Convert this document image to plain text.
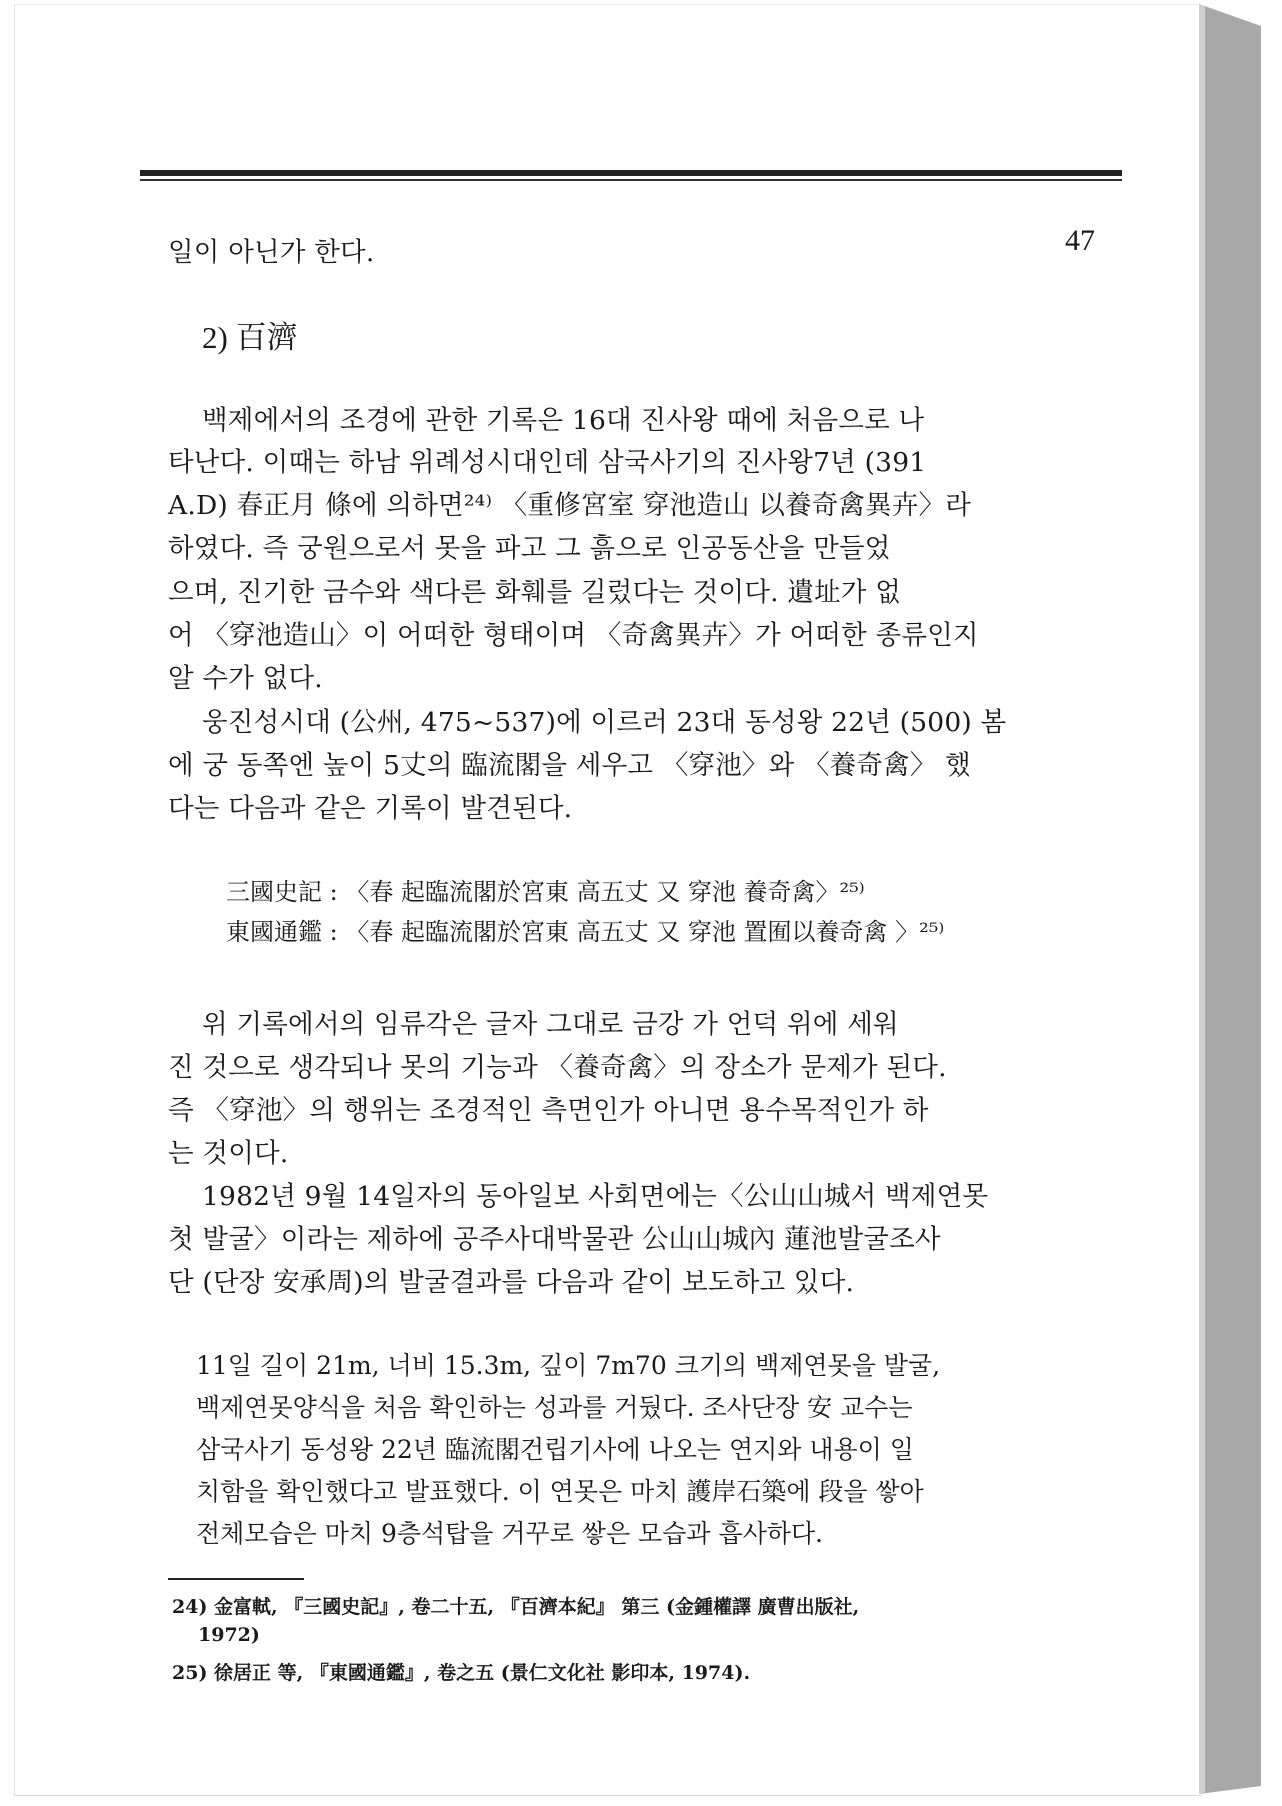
47
일이 아닌가 한다.
2) 百濟
백제에서의 조경에 관한 기록은 16대 진사왕 때에 처음으로 나
타난다. 이때는 하남 위례성시대인데 삼국사기의 진사왕7년 (391
A.D) 春正月 條에 의하면²⁴⁾ 〈重修宮室 穿池造山 以養奇禽異卉〉라
하였다. 즉 궁원으로서 못을 파고 그 흙으로 인공동산을 만들었
으며, 진기한 금수와 색다른 화훼를 길렀다는 것이다. 遺址가 없
어 〈穿池造山〉이 어떠한 형태이며 〈奇禽異卉〉가 어떠한 종류인지
알 수가 없다.
웅진성시대 (公州, 475~537)에 이르러 23대 동성왕 22년 (500) 봄
에 궁 동쪽엔 높이 5丈의 臨流閣을 세우고 〈穿池〉와 〈養奇禽〉 했
다는 다음과 같은 기록이 발견된다.
三國史記 : 〈春 起臨流閣於宮東 高五丈 又 穿池 養奇禽〉²⁵⁾
東國通鑑 : 〈春 起臨流閣於宮東 高五丈 又 穿池 置囿以養奇禽 〉²⁵⁾
위 기록에서의 임류각은 글자 그대로 금강 가 언덕 위에 세워
진 것으로 생각되나 못의 기능과 〈養奇禽〉의 장소가 문제가 된다.
즉 〈穿池〉의 행위는 조경적인 측면인가 아니면 용수목적인가 하
는 것이다.
1982년 9월 14일자의 동아일보 사회면에는〈公山山城서 백제연못
첫 발굴〉이라는 제하에 공주사대박물관 公山山城內 蓮池발굴조사
단 (단장 安承周)의 발굴결과를 다음과 같이 보도하고 있다.
11일 길이 21m, 너비 15.3m, 깊이 7m70 크기의 백제연못을 발굴,
백제연못양식을 처음 확인하는 성과를 거뒀다. 조사단장 安 교수는
삼국사기 동성왕 22년 臨流閣건립기사에 나오는 연지와 내용이 일
치함을 확인했다고 발표했다. 이 연못은 마치 護岸石築에 段을 쌓아
전체모습은 마치 9층석탑을 거꾸로 쌓은 모습과 흡사하다.
24) 金富軾, 『三國史記』, 卷二十五, 『百濟本紀』 第三 (金鍾權譯 廣曹出版社,
1972)
25) 徐居正 等, 『東國通鑑』, 卷之五 (景仁文化社 影印本, 1974).
